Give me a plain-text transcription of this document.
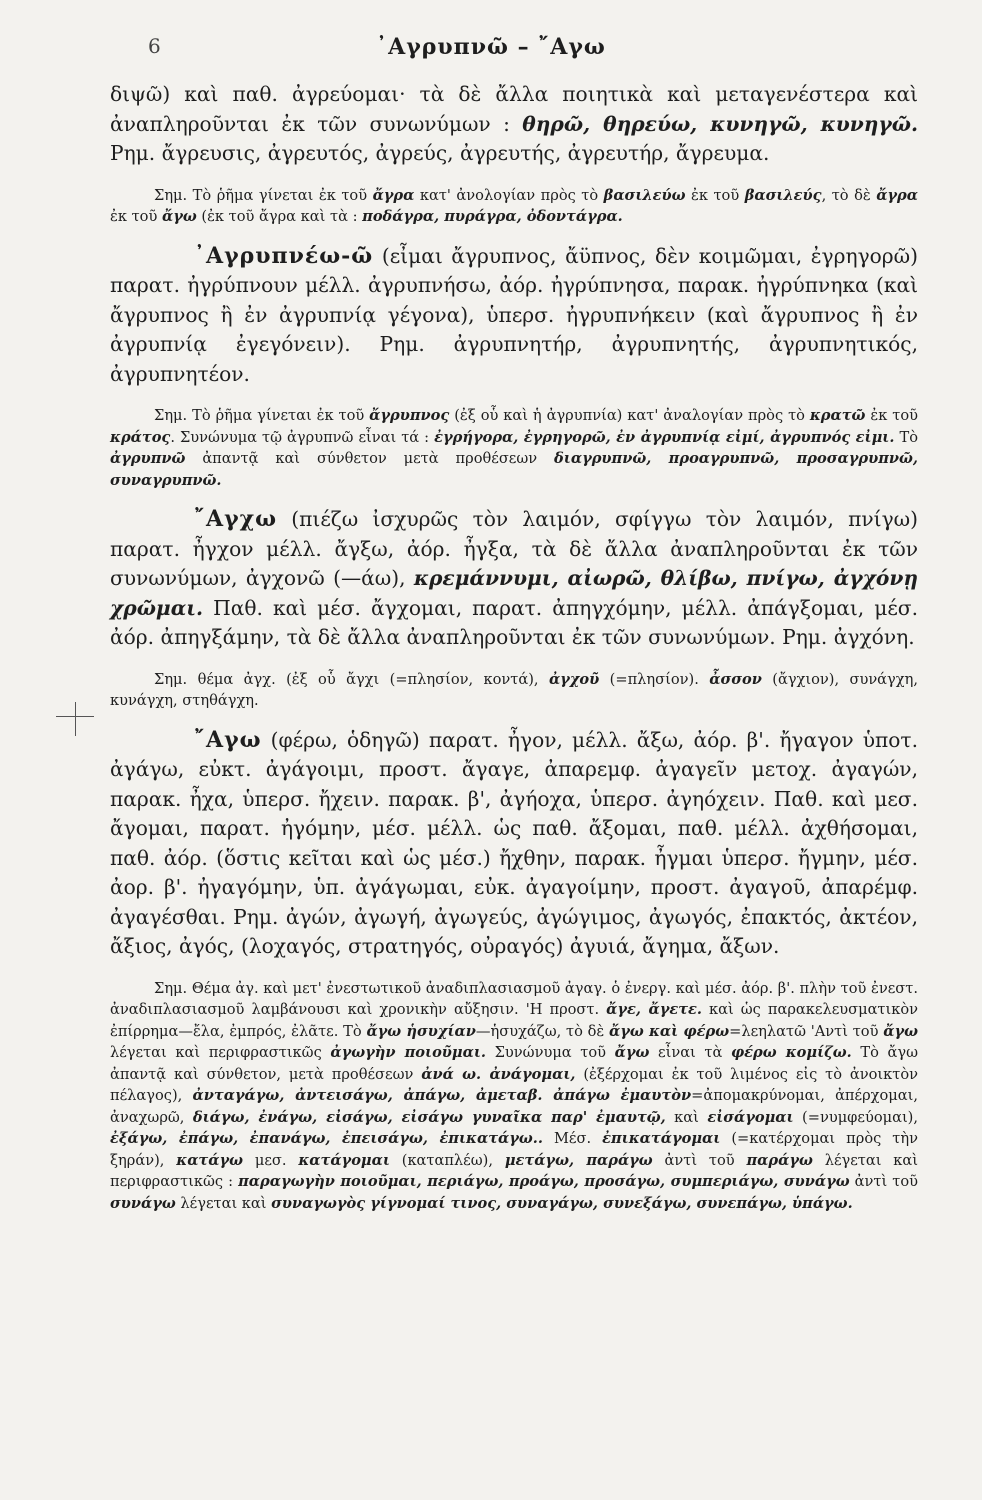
6	᾿Αγρυπνῶ – ῎Αγω

διψῶ) καὶ παθ. ἀγρεύομαι· τὰ δὲ ἄλλα ποιητικὰ καὶ μεταγενέστερα καὶ ἀναπληροῦνται ἐκ τῶν συνωνύμων : θηρῶ, θηρεύω, κυνηγῶ, κυνηγῶ. Ρημ. ἄγρευσις, ἀγρευτός, ἀγρεύς, ἀγρευτής, ἀγρευτήρ, ἄγρευμα.

Σημ. Τὸ ῥῆμα γίνεται ἐκ τοῦ ἄγρα κατ' ἀνολογίαν πρὸς τὸ βασιλεύω ἐκ τοῦ βασιλεύς, τὸ δὲ ἄγρα ἐκ τοῦ ἄγω (ἐκ τοῦ ἄγρα καὶ τὰ : ποδάγρα, πυράγρα, ὀδοντάγρα.

᾿Αγρυπνέω-ῶ (εἶμαι ἄγρυπνος, ἄϋπνος, δὲν κοιμῶμαι, ἐγρηγορῶ) παρατ. ἠγρύπνουν μέλλ. ἀγρυπνήσω, ἀόρ. ἠγρύπνησα, παρακ. ἠγρύπνηκα (καὶ ἄγρυπνος ἢ ἐν ἀγρυπνίᾳ γέγονα), ὑπερσ. ἠγρυπνήκειν (καὶ ἄγρυπνος ἢ ἐν ἀγρυπνίᾳ ἐγεγόνειν). Ρημ. ἀγρυπνητήρ, ἀγρυπνητής, ἀγρυπνητικός, ἀγρυπνητέον.

Σημ. Τὸ ῥῆμα γίνεται ἐκ τοῦ ἄγρυπνος (ἐξ οὗ καὶ ἡ ἀγρυπνία) κατ' ἀναλογίαν πρὸς τὸ κρατῶ ἐκ τοῦ κράτος. Συνώνυμα τῷ ἀγρυπνῶ εἶναι τά : ἐγρήγορα, ἐγρηγορῶ, ἐν ἀγρυπνίᾳ εἰμί, ἀγρυπνός εἰμι. Τὸ ἀγρυπνῶ ἀπαντᾷ καὶ σύνθετον μετὰ προθέσεων διαγρυπνῶ, προαγρυπνῶ, προσαγρυπνῶ, συναγρυπνῶ.

῎Αγχω (πιέζω ἰσχυρῶς τὸν λαιμόν, σφίγγω τὸν λαιμόν, πνίγω) παρατ. ἦγχον μέλλ. ἄγξω, ἀόρ. ἦγξα, τὰ δὲ ἄλλα ἀναπληροῦνται ἐκ τῶν συνωνύμων, ἀγχονῶ (—άω), κρεμάννυμι, αἰωρῶ, θλίβω, πνίγω, ἀγχόνῃ χρῶμαι. Παθ. καὶ μέσ. ἄγχομαι, παρατ. ἀπηγχόμην, μέλλ. ἀπάγξομαι, μέσ. ἀόρ. ἀπηγξάμην, τὰ δὲ ἄλλα ἀναπληροῦνται ἐκ τῶν συνωνύμων. Ρημ. ἀγχόνη.

Σημ. θέμα ἀγχ. (ἐξ οὗ ἄγχι (=πλησίον, κοντά), ἀγχοῦ (=πλησίον). ἆσσον (ἄγχιον), συνάγχη, κυνάγχη, στηθάγχη.

῎Αγω (φέρω, ὁδηγῶ) παρατ. ἦγον, μέλλ. ἄξω, ἀόρ. β'. ἤγαγον ὑποτ. ἀγάγω, εὐκτ. ἀγάγοιμι, προστ. ἄγαγε, ἀπαρεμφ. ἀγαγεῖν μετοχ. ἀγαγών, παρακ. ἦχα, ὑπερσ. ἤχειν. παρακ. β', ἀγήοχα, ὑπερσ. ἀγηόχειν. Παθ. καὶ μεσ. ἄγομαι, παρατ. ἠγόμην, μέσ. μέλλ. ὡς παθ. ἄξομαι, παθ. μέλλ. ἀχθήσομαι, παθ. ἀόρ. (ὅστις κεῖται καὶ ὡς μέσ.) ἤχθην, παρακ. ἦγμαι ὑπερσ. ἤγμην, μέσ. ἀορ. β'. ἠγαγόμην, ὑπ. ἀγάγωμαι, εὐκ. ἀγαγοίμην, προστ. ἀγαγοῦ, ἀπαρέμφ. ἀγαγέσθαι. Ρημ. ἀγών, ἀγωγή, ἀγωγεύς, ἀγώγιμος, ἀγωγός, ἐπακτός, ἀκτέον, ἄξιος, ἀγός, (λοχαγός, στρατηγός, οὐραγός) ἀγυιά, ἄγημα, ἄξων.

Σημ. Θέμα ἀγ. καὶ μετ' ἐνεστωτικοῦ ἀναδιπλασιασμοῦ ἀγαγ. ὁ ἐνεργ. καὶ μέσ. ἀόρ. β'. πλὴν τοῦ ἐνεστ. ἀναδιπλασιασμοῦ λαμβάνουσι καὶ χρονικὴν αὔξησιν. 'Η προστ. ἄγε, ἄγετε. καὶ ὡς παρακελευσματικὸν ἐπίρρημα—ἔλα, ἐμπρός, ἐλᾶτε. Τὸ ἄγω ἡσυχίαν—ἡσυχάζω, τὸ δὲ ἄγω καὶ φέρω=λεηλατῶ 'Αντὶ τοῦ ἄγω λέγεται καὶ περιφραστικῶς ἀγωγὴν ποιοῦμαι. Συνώνυμα τοῦ ἄγω εἶναι τὰ φέρω κομίζω. Τὸ ἄγω ἀπαντᾷ καὶ σύνθετον, μετὰ προθέσεων ἀνά ω. ἀνάγομαι, (ἐξέρχομαι ἐκ τοῦ λιμένος εἰς τὸ ἀνοικτὸν πέλαγος), ἀνταγάγω, ἀντεισάγω, ἀπάγω, ἀμεταβ. ἀπάγω ἐμαυτὸν=ἀπομακρύνομαι, ἀπέρχομαι, ἀναχωρῶ, διάγω, ἐνάγω, εἰσάγω, εἰσάγω γυναῖκα παρ' ἐμαυτῷ, καὶ εἰσάγομαι (=νυμφεύομαι), ἐξάγω, ἐπάγω, ἐπανάγω, ἐπεισάγω, ἐπικατάγω.. Μέσ. ἐπικατάγομαι (=κατέρχομαι πρὸς τὴν ξηράν), κατάγω μεσ. κατάγομαι (καταπλέω), μετάγω, παράγω ἀντὶ τοῦ παράγω λέγεται καὶ περιφραστικῶς : παραγωγὴν ποιοῦμαι, περιάγω, προάγω, προσάγω, συμπεριάγω, συνάγω ἀντὶ τοῦ συνάγω λέγεται καὶ συναγωγὸς γίγνομαί τινος, συναγάγω, συνεξάγω, συνεπάγω, ὑπάγω.
